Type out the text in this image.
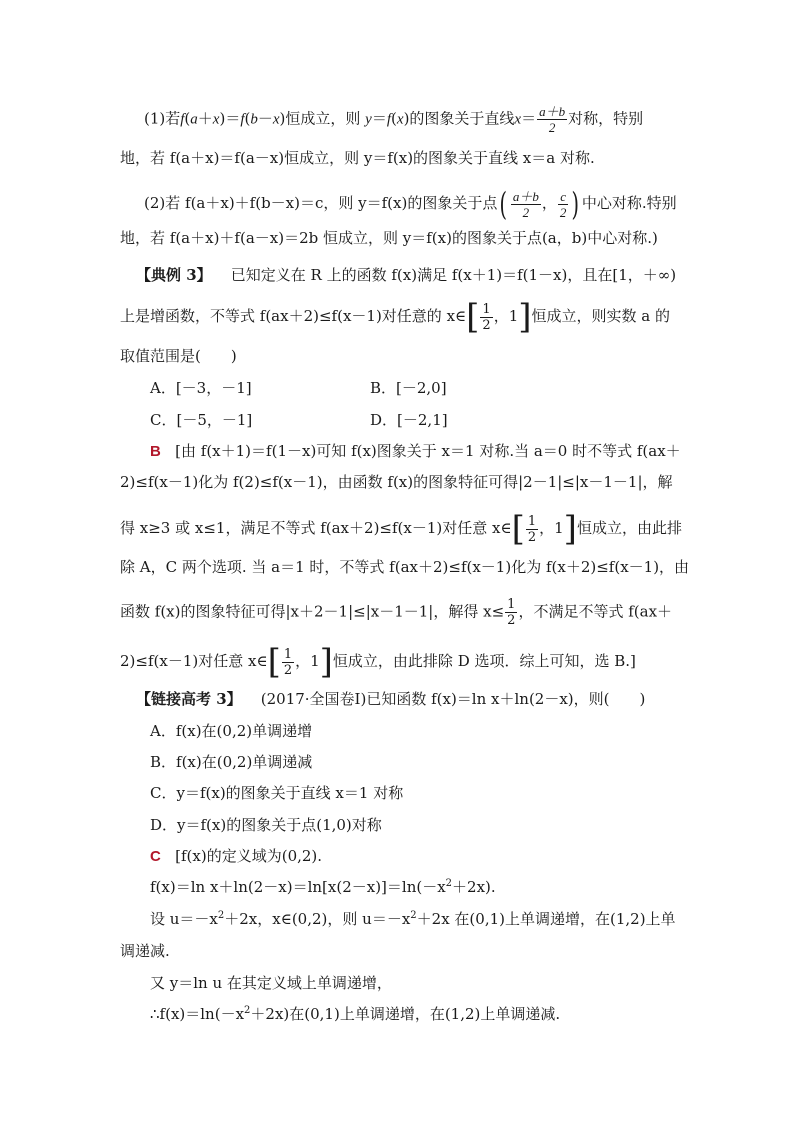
(1)若f(a＋x)＝f(b－x)恒成立，则 y＝f(x)的图象关于直线$x= \frac{a+b}{2}$ 对称，特别
地，若 f(a＋x)＝f(a－x)恒成立，则 y＝f(x)的图象关于直线 x＝a 对称.
(2)若 f(a＋x)＋f(b－x)＝c，则 y＝f(x)的图象关于点( $\frac{a+b}{2}$ ， $\frac{c}{2}$ ) 中心对称.特别
地，若 f(a＋x)＋f(a－x)＝2b 恒成立，则 y＝f(x)的图象关于点(a，b)中心对称.)
【典例 3】 已知定义在 R 上的函数 f(x)满足 f(x＋1)＝f(1－x)，且在[1，＋∞)
上是增函数，不等式 f(ax＋2)≤f(x－1)对任意的 x∈[ $\frac{1}{2}$ ，1]恒成立，则实数 a 的
取值范围是(　　)
A．[－3，－1]	B．[－2,0]
C．[－5，－1]	D．[－2,1]
B [由 f(x＋1)＝f(1－x)可知 f(x)图象关于 x＝1 对称.当 a＝0 时不等式 f(ax＋
2)≤f(x－1)化为 f(2)≤f(x－1)，由函数 f(x)的图象特征可得|2－1|≤|x－1－1|，解
得 x≥3 或 x≤1，满足不等式 f(ax＋2)≤f(x－1)对任意 x∈[ $\frac{1}{2}$ ，1]恒成立，由此排
除 A，C 两个选项. 当 a＝1 时，不等式 f(ax＋2)≤f(x－1)化为 f(x＋2)≤f(x－1)，由
函数 f(x)的图象特征可得|x＋2－1|≤|x－1－1|，解得 $x\le \frac{1}{2}$ ，不满足不等式 f(ax＋
2)≤f(x－1)对任意 x∈[ $\frac{1}{2}$ ，1]恒成立，由此排除 D 选项．综上可知，选 B.]
【链接高考 3】 (2017·全国卷Ⅰ)已知函数 f(x)＝ln x＋ln(2－x)，则(　　)
A．f(x)在(0,2)单调递增
B．f(x)在(0,2)单调递减
C．y＝f(x)的图象关于直线 x＝1 对称
D．y＝f(x)的图象关于点(1,0)对称
C [f(x)的定义域为(0,2).
f(x)＝ln $x+\ln(2-x)=\ln[x(2-x)]=\ln(-x^2+2x)$.
设 $u=-x^2+2x$，x∈(0,2)，则 $u=-x^2+2x$ 在(0,1)上单调递增，在(1,2)上单
调递减.
又 y＝ln u 在其定义域上单调递增，
$\therefore f(x)=\ln(-x^2+2x)$在(0,1)上单调递增，在(1,2)上单调递减.
